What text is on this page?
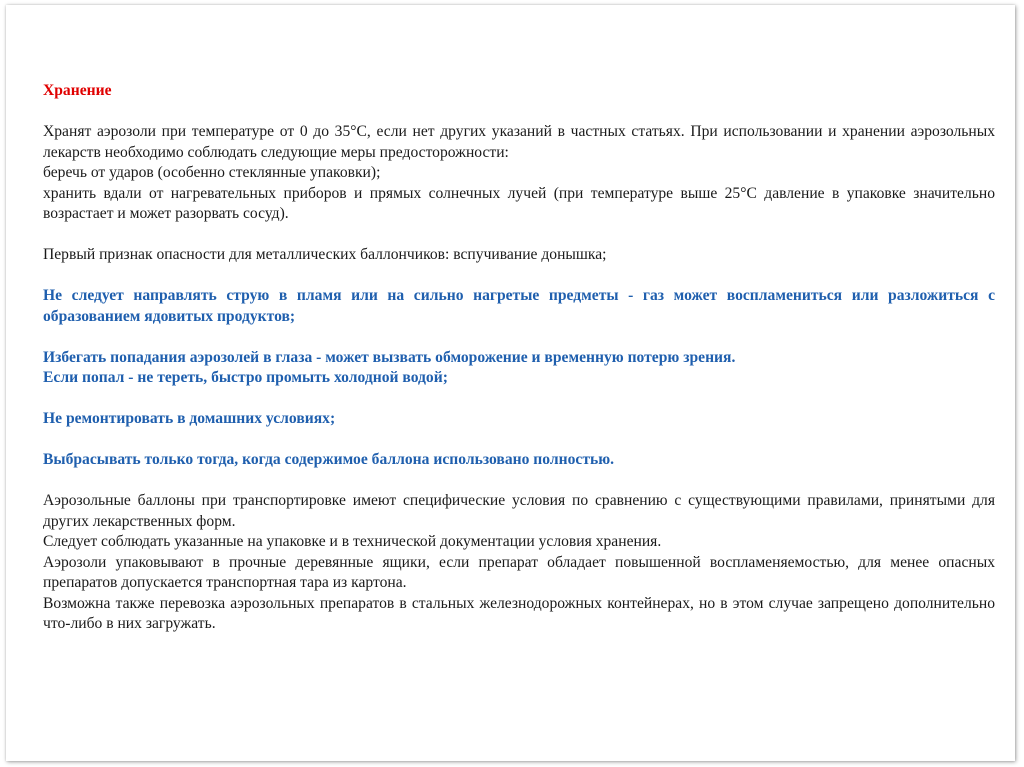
Хранение

Хранят аэрозоли при температуре от 0 до 35°С, если нет других указаний в частных статьях. При использовании и хранении аэрозольных лекарств необходимо соблюдать следующие меры предосторожности:

беречь от ударов (особенно стеклянные упаковки);

хранить вдали от нагревательных приборов и прямых солнечных лучей (при температуре выше 25°С давление в упаковке значительно возрастает и может разорвать сосуд).

Первый признак опасности для металлических баллончиков: вспучивание донышка;

Не следует направлять струю в пламя или на сильно нагретые предметы - газ может воспламениться или разложиться с образованием ядовитых продуктов;

Избегать попадания аэрозолей в глаза - может вызвать обморожение и временную потерю зрения.

Если попал - не тереть, быстро промыть холодной водой;

Не ремонтировать в домашних условиях;

Выбрасывать только тогда, когда содержимое баллона использовано полностью.

Аэрозольные баллоны при транспортировке имеют специфические условия по сравнению с существующими правилами, принятыми для других лекарственных форм.

Следует соблюдать указанные на упаковке и в технической документации условия хранения.

Аэрозоли упаковывают в прочные деревянные ящики, если препарат обладает повышенной воспламеняемостью, для менее опасных препаратов допускается транспортная тара из картона.

Возможна также перевозка аэрозольных препаратов в стальных железнодорожных контейнерах, но в этом случае запрещено дополнительно что-либо в них загружать.
